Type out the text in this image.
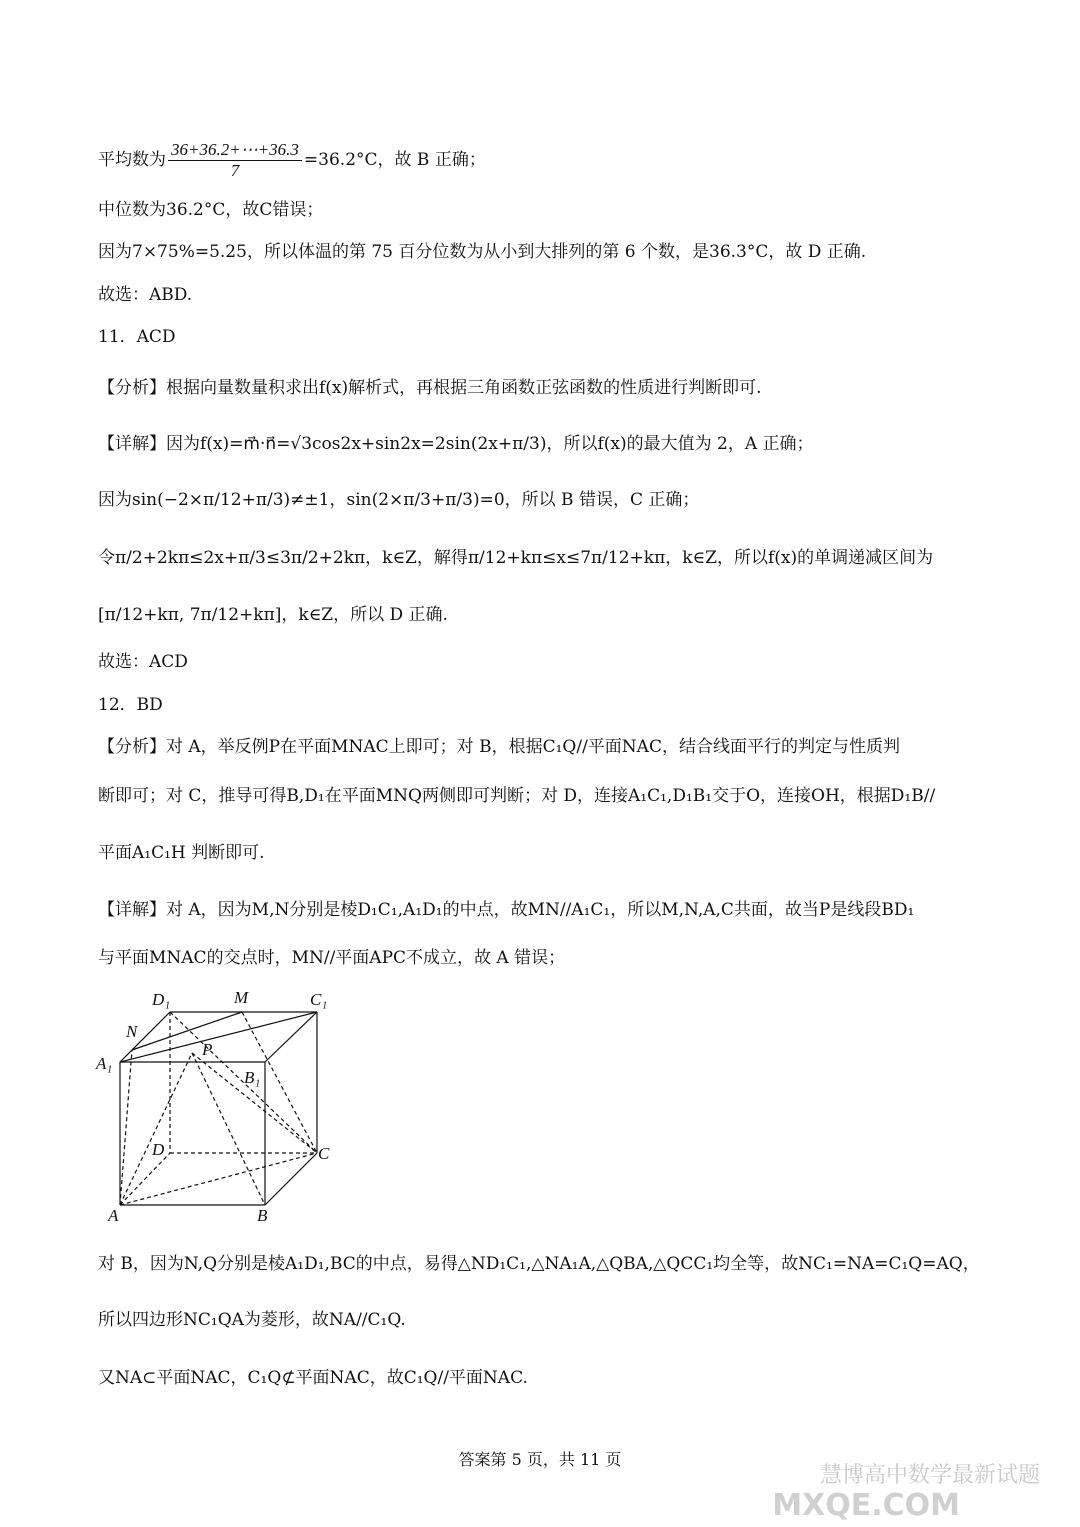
平均数为 $\frac{36+36.2+\cdots+36.3}{7} =36.2^\circ C$，故 B 正确；
中位数为36.2°C，故C错误；
因为7×75%=5.25，所以体温的第 75 百分位数为从小到大排列的第 6 个数，是36.3°C，故 D 正确.
故选：ABD.
11．ACD
【分析】根据向量数量积求出f(x)解析式，再根据三角函数正弦函数的性质进行判断即可.
【详解】因为f(x)=m⃗·n⃗=√3cos2x+sin2x=2sin(2x+π/3)，所以f(x)的最大值为 2，A 正确；
因为sin(−2×π/12+π/3)≠±1，sin(2×π/3+π/3)=0，所以 B 错误，C 正确；
令π/2+2kπ≤2x+π/3≤3π/2+2kπ，k∈Z，解得π/12+kπ≤x≤7π/12+kπ，k∈Z，所以f(x)的单调递减区间为
[π/12+kπ, 7π/12+kπ]，k∈Z，所以 D 正确.
故选：ACD
12．BD
【分析】对 A，举反例P在平面MNAC上即可；对 B，根据C₁Q//平面NAC，结合线面平行的判定与性质判
断即可；对 C，推导可得B,D₁在平面MNQ两侧即可判断；对 D，连接A₁C₁,D₁B₁交于O，连接OH，根据D₁B//
平面A₁C₁H 判断即可.
【详解】对 A，因为M,N分别是棱D₁C₁,A₁D₁的中点，故MN//A₁C₁，所以M,N,A,C共面，故当P是线段BD₁
与平面MNAC的交点时，MN//平面APC不成立，故 A 错误；
D₁	M	C₁
N
A₁
P
B₁
D	C
A	B
对 B，因为N,Q分别是棱A₁D₁,BC的中点，易得△ND₁C₁,△NA₁A,△QBA,△QCC₁均全等，故NC₁=NA=C₁Q=AQ，
所以四边形NC₁QA为菱形，故NA//C₁Q.
又NA⊂平面NAC，C₁Q⊄平面NAC，故C₁Q//平面NAC.
答案第 5 页，共 11 页
慧博高中数学最新试题
MXQE.COM
